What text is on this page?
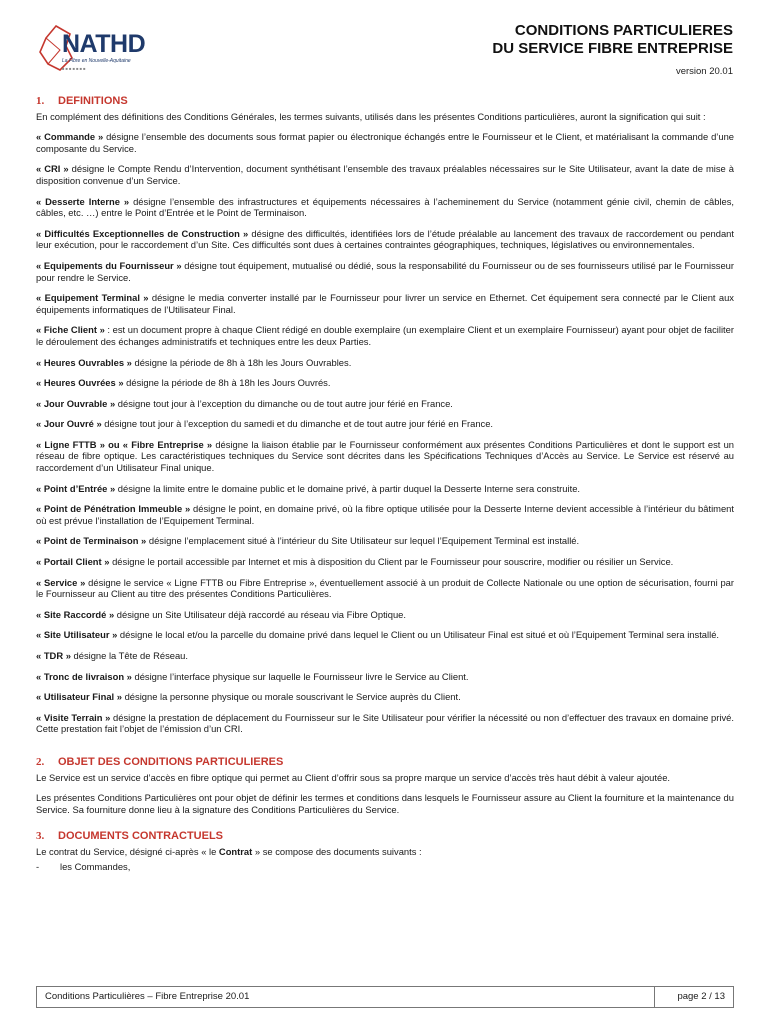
NATHD
La Fibre en Nouvelle-Aquitaine
■ ■ ■ ■ ■ ■ ■
CONDITIONS PARTICULIERES
DU SERVICE FIBRE ENTREPRISE
version 20.01
1.	DEFINITIONS

En complément des définitions des Conditions Générales, les termes suivants, utilisés dans les présentes Conditions particulières, auront la signification qui suit :

« Commande » désigne l’ensemble des documents sous format papier ou électronique échangés entre le Fournisseur et le Client, et matérialisant la commande d’une composante du Service.

« CRI » désigne le Compte Rendu d’Intervention, document synthétisant l’ensemble des travaux préalables nécessaires sur le Site Utilisateur, avant la date de mise à disposition convenue d’un Service.

« Desserte Interne » désigne l’ensemble des infrastructures et équipements nécessaires à l’acheminement du Service (notamment génie civil, chemin de câbles, câbles, etc. …) entre le Point d’Entrée et le Point de Terminaison.

« Difficultés Exceptionnelles de Construction » désigne des difficultés, identifiées lors de l’étude préalable au lancement des travaux de raccordement ou pendant leur exécution, pour le raccordement d’un Site. Ces difficultés sont dues à certaines contraintes géographiques, techniques, législatives ou environnementales.

« Equipements du Fournisseur » désigne tout équipement, mutualisé ou dédié, sous la responsabilité du Fournisseur ou de ses fournisseurs utilisé par le Fournisseur pour rendre le Service.

« Equipement Terminal » désigne le media converter installé par le Fournisseur pour livrer un service en Ethernet. Cet équipement sera connecté par le Client aux équipements informatiques de l’Utilisateur Final.

« Fiche Client » : est un document propre à chaque Client rédigé en double exemplaire (un exemplaire Client et un exemplaire Fournisseur) ayant pour objet de faciliter le déroulement des échanges administratifs et techniques entre les deux Parties.

« Heures Ouvrables » désigne la période de 8h à 18h les Jours Ouvrables.

« Heures Ouvrées » désigne la période de 8h à 18h les Jours Ouvrés.

« Jour Ouvrable » désigne tout jour à l’exception du dimanche ou de tout autre jour férié en France.

« Jour Ouvré » désigne tout jour à l’exception du samedi et du dimanche et de tout autre jour férié en France.

« Ligne FTTB » ou « Fibre Entreprise » désigne la liaison établie par le Fournisseur conformément aux présentes Conditions Particulières et dont le support est un réseau de fibre optique. Les caractéristiques techniques du Service sont décrites dans les Spécifications Techniques d’Accès au Service. Le Service est réservé au raccordement d’un Utilisateur Final unique.

« Point d’Entrée » désigne la limite entre le domaine public et le domaine privé, à partir duquel la Desserte Interne sera construite.

« Point de Pénétration Immeuble » désigne le point, en domaine privé, où la fibre optique utilisée pour la Desserte Interne devient accessible à l’intérieur du bâtiment où est prévue l’installation de l’Equipement Terminal.

« Point de Terminaison » désigne l’emplacement situé à l’intérieur du Site Utilisateur sur lequel l’Equipement Terminal est installé.

« Portail Client » désigne le portail accessible par Internet et mis à disposition du Client par le Fournisseur pour souscrire, modifier ou résilier un Service.

« Service » désigne le service « Ligne FTTB ou Fibre Entreprise », éventuellement associé à un produit de Collecte Nationale ou une option de sécurisation, fourni par le Fournisseur au Client au titre des présentes Conditions Particulières.

« Site Raccordé » désigne un Site Utilisateur déjà raccordé au réseau via Fibre Optique.

« Site Utilisateur » désigne le local et/ou la parcelle du domaine privé dans lequel le Client ou un Utilisateur Final est situé et où l’Equipement Terminal sera installé.

« TDR » désigne la Tête de Réseau.

« Tronc de livraison » désigne l’interface physique sur laquelle le Fournisseur livre le Service au Client.

« Utilisateur Final » désigne la personne physique ou morale souscrivant le Service auprès du Client.

« Visite Terrain » désigne la prestation de déplacement du Fournisseur sur le Site Utilisateur pour vérifier la nécessité ou non d’effectuer des travaux en domaine privé. Cette prestation fait l’objet de l’émission d’un CRI.

2.	OBJET DES CONDITIONS PARTICULIERES

Le Service est un service d’accès en fibre optique qui permet au Client d’offrir sous sa propre marque un service d’accès très haut débit à valeur ajoutée.

Les présentes Conditions Particulières ont pour objet de définir les termes et conditions dans lesquels le Fournisseur assure au Client la fourniture et la maintenance du Service. Sa fourniture donne lieu à la signature des Conditions Particulières du Service.

3.	DOCUMENTS CONTRACTUELS

Le contrat du Service, désigné ci-après « le Contrat » se compose des documents suivants :

-	les Commandes,
Conditions Particulières – Fibre Entreprise 20.01	page 2 / 13
